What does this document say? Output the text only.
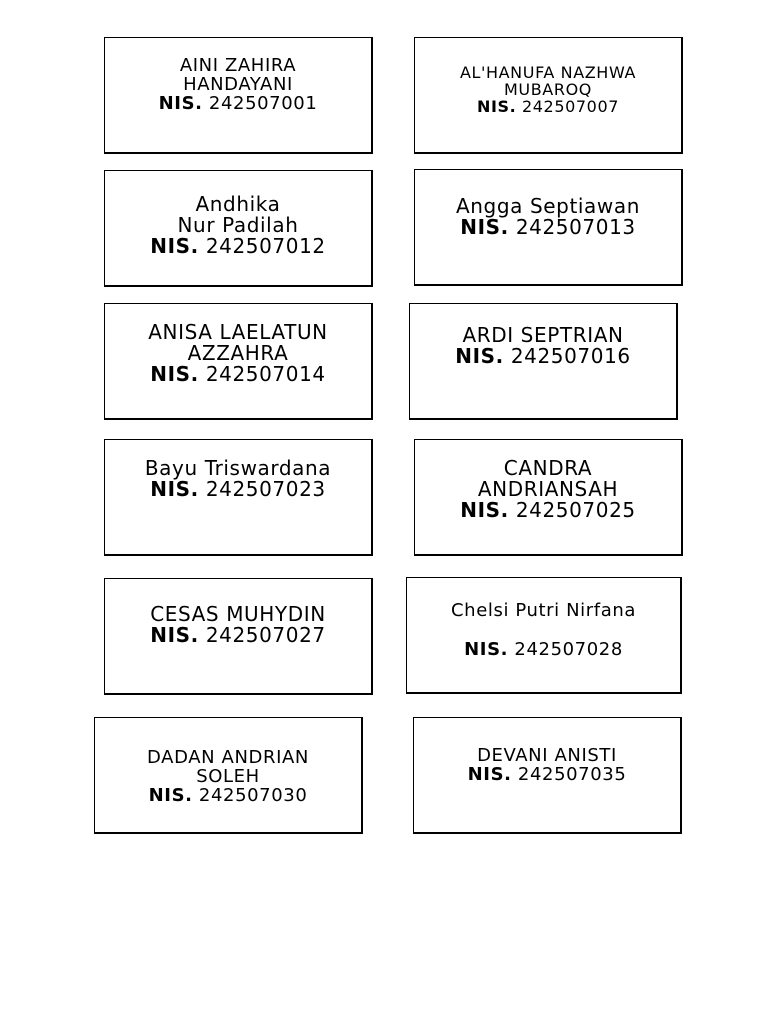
AINI ZAHIRA
HANDAYANI
NIS. 242507001
AL'HANUFA NAZHWA
MUBAROQ
NIS. 242507007
Andhika
Nur Padilah
NIS. 242507012
Angga Septiawan
NIS. 242507013
ANISA LAELATUN
AZZAHRA
NIS. 242507014
ARDI SEPTRIAN
NIS. 242507016
Bayu Triswardana
NIS. 242507023
CANDRA
ANDRIANSAH
NIS. 242507025
CESAS MUHYDIN
NIS. 242507027
Chelsi Putri Nirfana
NIS. 242507028
DADAN ANDRIAN
SOLEH
NIS. 242507030
DEVANI ANISTI
NIS. 242507035
